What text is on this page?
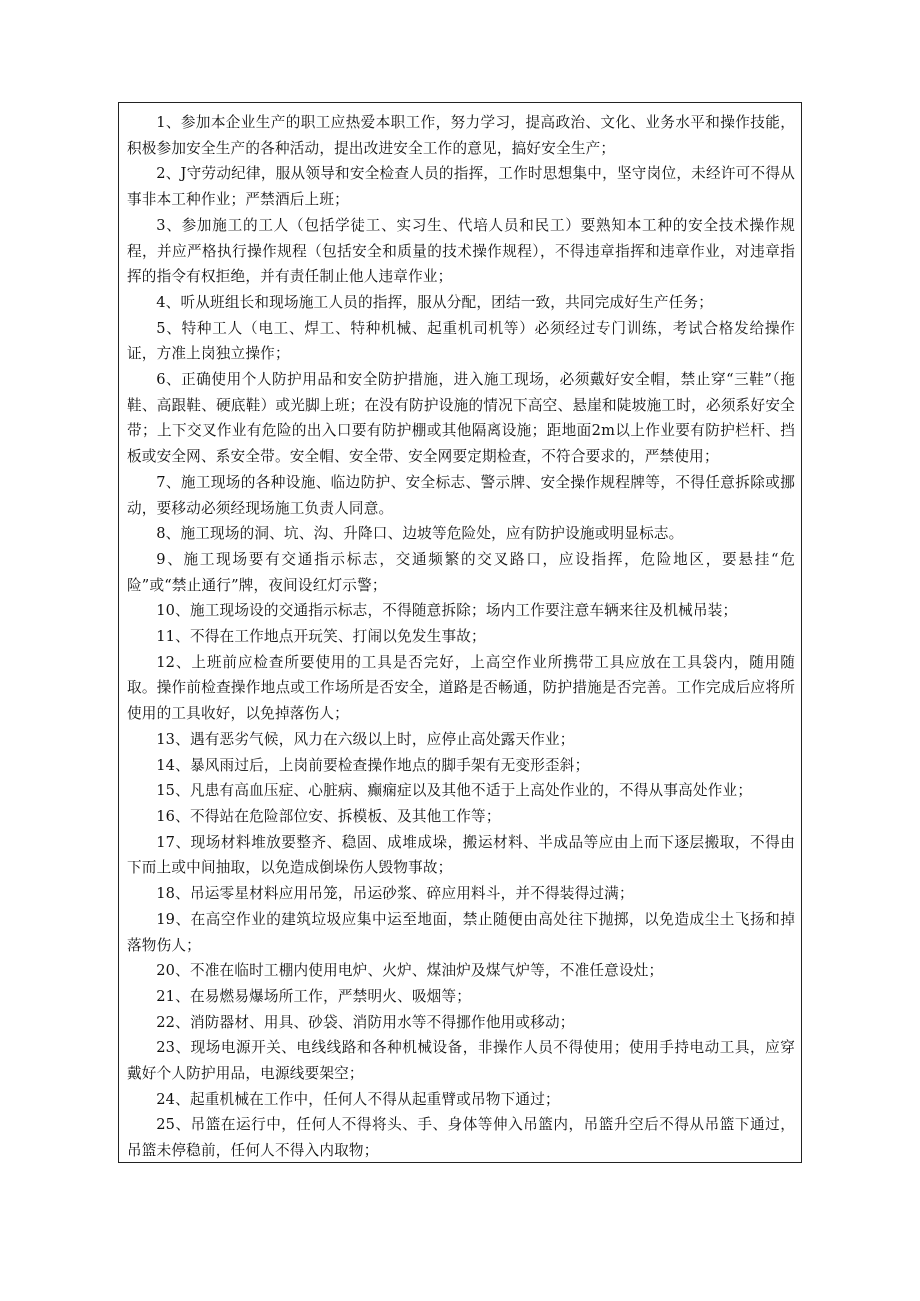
1、参加本企业生产的职工应热爱本职工作，努力学习，提高政治、文化、业务水平和操作技能，积极参加安全生产的各种活动，提出改进安全工作的意见，搞好安全生产；

2、J守劳动纪律，服从领导和安全检查人员的指挥，工作时思想集中，坚守岗位，未经许可不得从事非本工种作业；严禁酒后上班；

3、参加施工的工人（包括学徒工、实习生、代培人员和民工）要熟知本工种的安全技术操作规程，并应严格执行操作规程（包括安全和质量的技术操作规程），不得违章指挥和违章作业，对违章指挥的指令有权拒绝，并有责任制止他人违章作业；

4、听从班组长和现场施工人员的指挥，服从分配，团结一致，共同完成好生产任务；

5、特种工人（电工、焊工、特种机械、起重机司机等）必须经过专门训练，考试合格发给操作证，方准上岗独立操作；

6、正确使用个人防护用品和安全防护措施，进入施工现场，必须戴好安全帽，禁止穿“三鞋”（拖鞋、高跟鞋、硬底鞋）或光脚上班；在没有防护设施的情况下高空、悬崖和陡坡施工时，必须系好安全带；上下交叉作业有危险的出入口要有防护棚或其他隔离设施；距地面2m以上作业要有防护栏杆、挡板或安全网、系安全带。安全帽、安全带、安全网要定期检查，不符合要求的，严禁使用；

7、施工现场的各种设施、临边防护、安全标志、警示牌、安全操作规程牌等，不得任意拆除或挪动，要移动必须经现场施工负责人同意。

8、施工现场的洞、坑、沟、升降口、边坡等危险处，应有防护设施或明显标志。

9、施工现场要有交通指示标志，交通频繁的交叉路口，应设指挥，危险地区，要悬挂“危险”或“禁止通行”牌，夜间设红灯示警；

10、施工现场设的交通指示标志，不得随意拆除；场内工作要注意车辆来往及机械吊装；

11、不得在工作地点开玩笑、打闹以免发生事故；

12、上班前应检查所要使用的工具是否完好，上高空作业所携带工具应放在工具袋内，随用随取。操作前检查操作地点或工作场所是否安全，道路是否畅通，防护措施是否完善。工作完成后应将所使用的工具收好，以免掉落伤人；

13、遇有恶劣气候，风力在六级以上时，应停止高处露天作业；

14、暴风雨过后，上岗前要检查操作地点的脚手架有无变形歪斜；

15、凡患有高血压症、心脏病、癫痫症以及其他不适于上高处作业的，不得从事高处作业；

16、不得站在危险部位安、拆模板、及其他工作等；

17、现场材料堆放要整齐、稳固、成堆成垛，搬运材料、半成品等应由上而下逐层搬取，不得由下而上或中间抽取，以免造成倒垛伤人毁物事故；

18、吊运零星材料应用吊笼，吊运砂浆、碎应用料斗，并不得装得过满；

19、在高空作业的建筑垃圾应集中运至地面，禁止随便由高处往下抛掷，以免造成尘土飞扬和掉落物伤人；

20、不准在临时工棚内使用电炉、火炉、煤油炉及煤气炉等，不准任意设灶；

21、在易燃易爆场所工作，严禁明火、吸烟等；

22、消防器材、用具、砂袋、消防用水等不得挪作他用或移动；

23、现场电源开关、电线线路和各种机械设备，非操作人员不得使用；使用手持电动工具，应穿戴好个人防护用品，电源线要架空；

24、起重机械在工作中，任何人不得从起重臂或吊物下通过；

25、吊篮在运行中，任何人不得将头、手、身体等伸入吊篮内，吊篮升空后不得从吊篮下通过，吊篮未停稳前，任何人不得入内取物；
